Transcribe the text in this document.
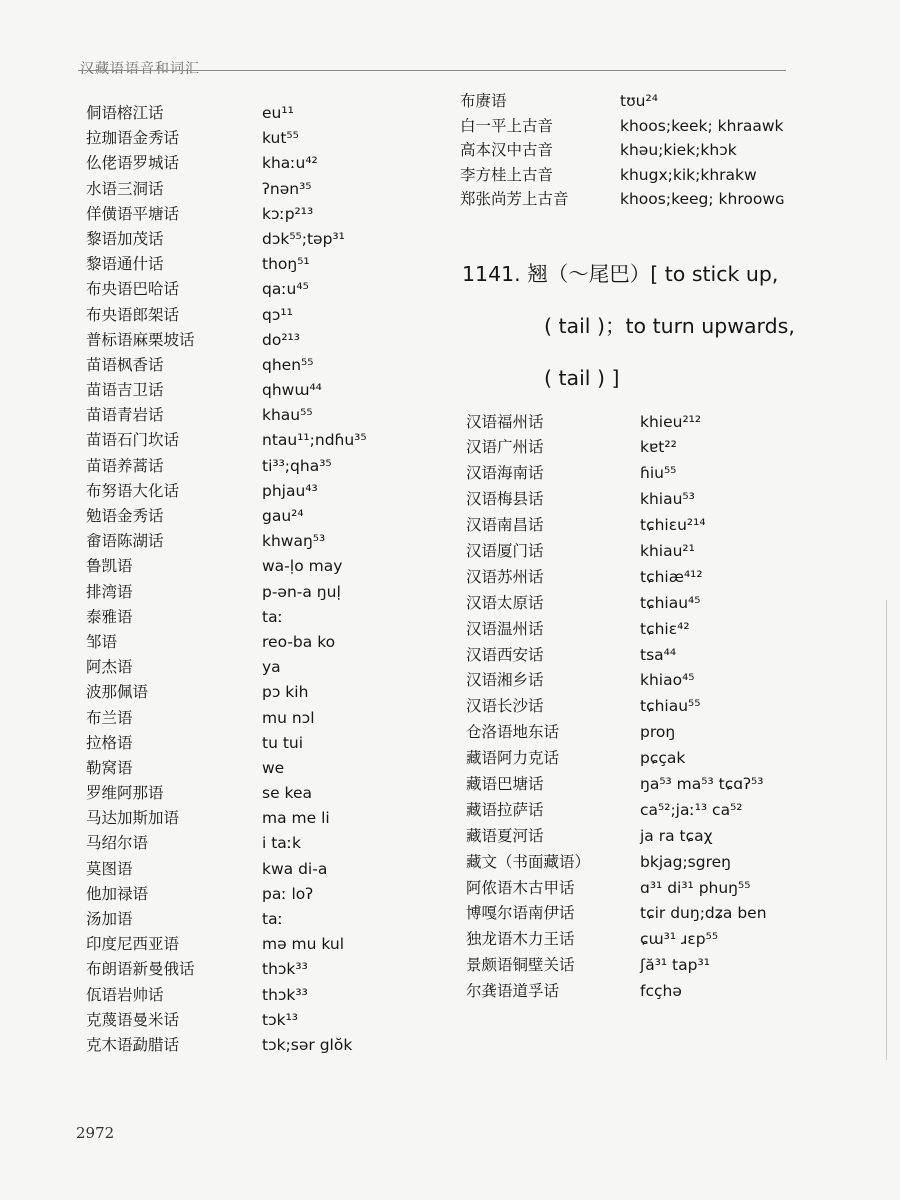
汉藏语语音和词汇
侗语榕江话	eu¹¹
拉珈语金秀话	kut⁵⁵
仫佬语罗城话	khaːu⁴²
水语三洞话	ʔnən³⁵
佯僙语平塘话	kɔːp²¹³
黎语加茂话	dɔk⁵⁵;təp³¹
黎语通什话	thoŋ⁵¹
布央语巴哈话	qaːu⁴⁵
布央语郎架话	qɔ¹¹
普标语麻栗坡话	do²¹³
苗语枫香话	qhen⁵⁵
苗语吉卫话	qhwɯ⁴⁴
苗语青岩话	khau⁵⁵
苗语石门坎话	ntau¹¹;ndɦu³⁵
苗语养蒿话	ti³³;qha³⁵
布努语大化话	phjau⁴³
勉语金秀话	gau²⁴
畲语陈湖话	khwaŋ⁵³
鲁凯语	wa-ḷo may
排湾语	p-ən-a ŋuḷ
泰雅语	taː
邹语	reo-ba ko
阿杰语	ya
波那佩语	pɔ kih
布兰语	mu nɔl
拉格语	tu tui
勒窝语	we
罗维阿那语	se kea
马达加斯加语	ma me li
马绍尔语	i taːk
莫图语	kwa di-a
他加禄语	paː loʔ
汤加语	taː
印度尼西亚语	mə mu kul
布朗语新曼俄话	thɔk³³
佤语岩帅话	thɔk³³
克蔑语曼米话	tɔk¹³
克木语勐腊话	tɔk;sər glŏk
布赓语	tʊu²⁴
白一平上古音	khoos;keek; khraawk
高本汉中古音	khǝu;kiek;khɔk
李方桂上古音	khugx;kik;khrakw
郑张尚芳上古音	khoos;keeg; khroowɢ
1141. 翘（～尾巴）[ to stick up,
( tail )；to turn upwards,
( tail ) ]
汉语福州话	khieu²¹²
汉语广州话	kɐt²²
汉语海南话	ɦiu⁵⁵
汉语梅县话	khiau⁵³
汉语南昌话	tɕhiɛu²¹⁴
汉语厦门话	khiau²¹
汉语苏州话	tɕhiæ⁴¹²
汉语太原话	tɕhiau⁴⁵
汉语温州话	tɕhiɛ⁴²
汉语西安话	tsa⁴⁴
汉语湘乡话	khiao⁴⁵
汉语长沙话	tɕhiau⁵⁵
仓洛语地东话	proŋ
藏语阿力克话	pɕçak
藏语巴塘话	ŋa⁵³ ma⁵³ tɕɑʔ⁵³
藏语拉萨话	ca⁵²;jaː¹³ ca⁵²
藏语夏河话	ja ra tɕaχ
藏文（书面藏语）	bkjag;sgreŋ
阿侬语木古甲话	ɑ³¹ di³¹ phuŋ⁵⁵
博嘎尔语南伊话	tɕir duŋ;dʑa ben
独龙语木力王话	ɕɯ³¹ ɹɛp⁵⁵
景颇语铜壁关话	ʃă³¹ tap³¹
尔龚语道孚话	fcçhə
2972
